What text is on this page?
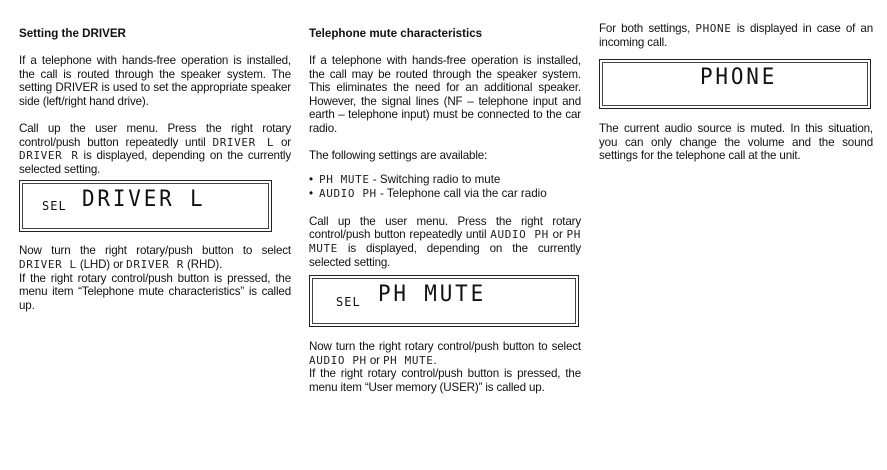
Setting the DRIVER

If a telephone with hands-free operation is installed, the call is routed through the speaker system. The setting DRIVER is used to set the appropriate speaker side (left/right hand drive).

Call up the user menu. Press the right rotary control/push button repeatedly until DRIVER L or DRIVER R is displayed, depending on the currently selected setting.

SEL DRIVER L

Now turn the right rotary/push button to select DRIVER L (LHD) or DRIVER R (RHD).

If the right rotary control/push button is pressed, the menu item “Telephone mute characteristics” is called up.

Telephone mute characteristics

If a telephone with hands-free operation is installed, the call may be routed through the speaker system. This eliminates the need for an additional speaker. However, the signal lines (NF – telephone input and earth – telephone input) must be connected to the car radio.

The following settings are available:

• PH MUTE - Switching radio to mute
• AUDIO PH - Telephone call via the car radio

Call up the user menu. Press the right rotary control/push button repeatedly until AUDIO PH or PH MUTE is displayed, depending on the currently selected setting.

SEL PH MUTE

Now turn the right rotary control/push button to select AUDIO PH or PH MUTE.

If the right rotary control/push button is pressed, the menu item “User memory (USER)” is called up.

For both settings, PHONE is displayed in case of an incoming call.

PHONE

The current audio source is muted. In this situation, you can only change the volume and the sound settings for the telephone call at the unit.
